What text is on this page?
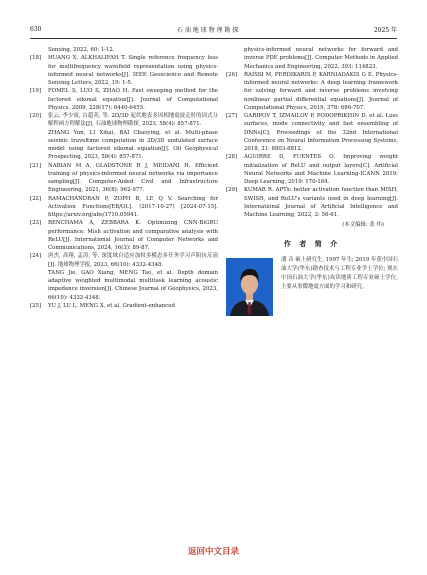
630	石 油 地 球 物 理 勘 探	2025 年
Sensing, 2022, 60: 1-12.
[18]	HUANG X, ALKHALIFAH T. Single reference frequency loss for multifrequency wavefield representation using physics-informed neural networks[J]. IEEE Geoscience and Remote Sensing Letters, 2022, 19: 1-5.
[19]	FOMEL S, LUO S, ZHAO H. Fast sweeping method for the factored eikonal equation[J]. Journal of Computational Physics, 2009, 228(17): 6440-6455.
[20]	张云, 李少雨, 白超英, 等. 2D/3D 起伏地表多因相地震波走时的因式分解程函方程解法[J]. 石油地球物理勘探, 2023, 58(4): 857-871.
ZHANG Yun, LI Xihai, BAI Chaoying, et al. Multi-phase seismic traveltime computation in 2D/3D undulated surface model using factored eikonal equation[J]. Oil Geophysical Prospecting, 2023, 58(4): 857-871.
[21]	NABIAN M A, GLADSTONE R J, MEIDANI H. Efficient training of physics-informed neural networks via importance sampling[J]. Computer-Aided Civil and Infrastructure Engineering, 2021, 36(8): 962-977.
[22]	RAMACHANDRAN P, ZOPH B, LE Q V. Searching for Activation Functions[EB/OL]. (2017-10-27) [2024-07-15]. https://arxiv.org/abs/1710.05941.
[23]	BENCHAMA A, ZEBBARA K. Optimizing CNN-BiGRU performance: Mish activation and comparative analysis with ReLU[J]. International Journal of Computer Networks and Communications, 2024, 16(3): 89-87.
[24]	唐杰, 高翔, 孟涛, 等. 深度域自适应加权多模态多任务学习声阻抗反演[J]. 地球物理学报, 2023, 66(10): 4332-4348.
TANG Jie, GAO Xiang, MENG Tao, et al. Depth domain adaptive weighted multimodal multitask learning acoustic impedance inversion[J]. Chinese Journal of Geophysics, 2023, 66(10): 4332-4348.
[25]	YU J, LU L, MENG X, et al. Gradient-enhanced
physics-informed neural networks for forward and inverse PDE problems[J]. Computer Methods in Applied Mechanics and Engineering, 2022, 393: 114823.
[26]	RAISSI M, PERDIKARIS P, KARNIADAKIS G E. Physics-informed neural networks: A deep learning framework for solving forward and inverse problems involving nonlinear partial differential equations[J]. Journal of Computational Physics, 2019, 378: 686-707.
[27]	GARIPOV T, IZMAILOV P, PODOPRIKHIN D, et al. Loss surfaces, mode connectivity and fast ensembling of DNNs[C]. Proceedings of the 32nd International Conference on Neural Information Processing Systems, 2018, 31: 8803-8812.
[28]	AGUIRRE D, FUENTES O. Improving weight initialization of ReLU and output layers[C]. Artificial Neural Networks and Machine Learning-ICANN 2019: Deep Learning, 2019: 170-184.
[29]	KUMAR R. APTx: better activation function than MISH, SWISH, and ReLU's variants used in deep learning[J]. International Journal of Artificial Intelligence and Machine Learning, 2022, 2: 56-61.
(本文编辑: 张 伟)
作 者 简 介
潘 音 硕士研究生, 1997 年生; 2019 年获中国石油大学(华东)勘查技术与工程专业学士学位; 现在中国石油大学(华东)攻读地质工程专业硕士学位, 主要从事微地震方面的学习和研究。
返回中文目录
